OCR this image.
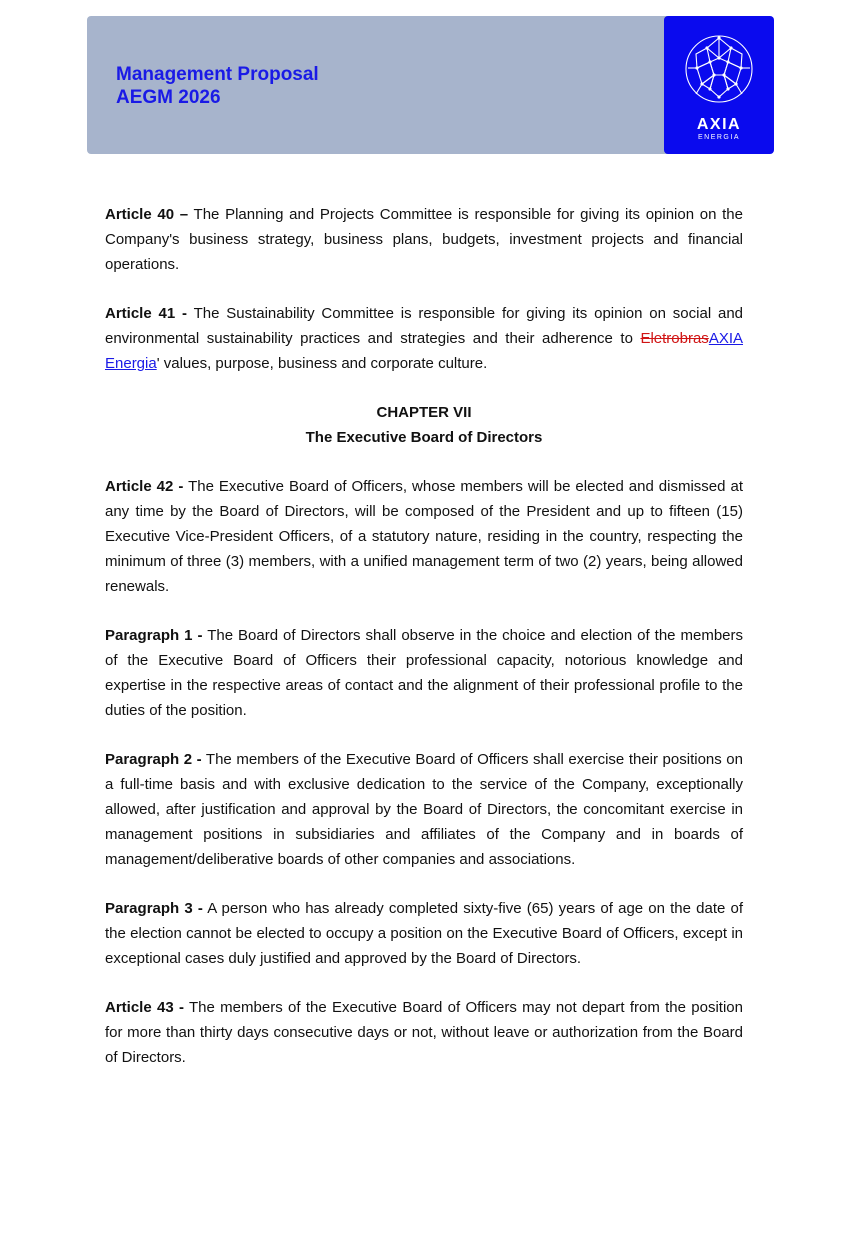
Management Proposal
AEGM 2026
AXIA
ENERGIA

Article 40 – The Planning and Projects Committee is responsible for giving its opinion on the Company's business strategy, business plans, budgets, investment projects and financial operations.

Article 41 - The Sustainability Committee is responsible for giving its opinion on social and environmental sustainability practices and strategies and their adherence to EletrobrasAXIA Energia' values, purpose, business and corporate culture.

CHAPTER VII
The Executive Board of Directors

Article 42 - The Executive Board of Officers, whose members will be elected and dismissed at any time by the Board of Directors, will be composed of the President and up to fifteen (15) Executive Vice-President Officers, of a statutory nature, residing in the country, respecting the minimum of three (3) members, with a unified management term of two (2) years, being allowed renewals.

Paragraph 1 - The Board of Directors shall observe in the choice and election of the members of the Executive Board of Officers their professional capacity, notorious knowledge and expertise in the respective areas of contact and the alignment of their professional profile to the duties of the position.

Paragraph 2 - The members of the Executive Board of Officers shall exercise their positions on a full-time basis and with exclusive dedication to the service of the Company, exceptionally allowed, after justification and approval by the Board of Directors, the concomitant exercise in management positions in subsidiaries and affiliates of the Company and in boards of management/deliberative boards of other companies and associations.

Paragraph 3 - A person who has already completed sixty-five (65) years of age on the date of the election cannot be elected to occupy a position on the Executive Board of Officers, except in exceptional cases duly justified and approved by the Board of Directors.

Article 43 - The members of the Executive Board of Officers may not depart from the position for more than thirty days consecutive days or not, without leave or authorization from the Board of Directors.
